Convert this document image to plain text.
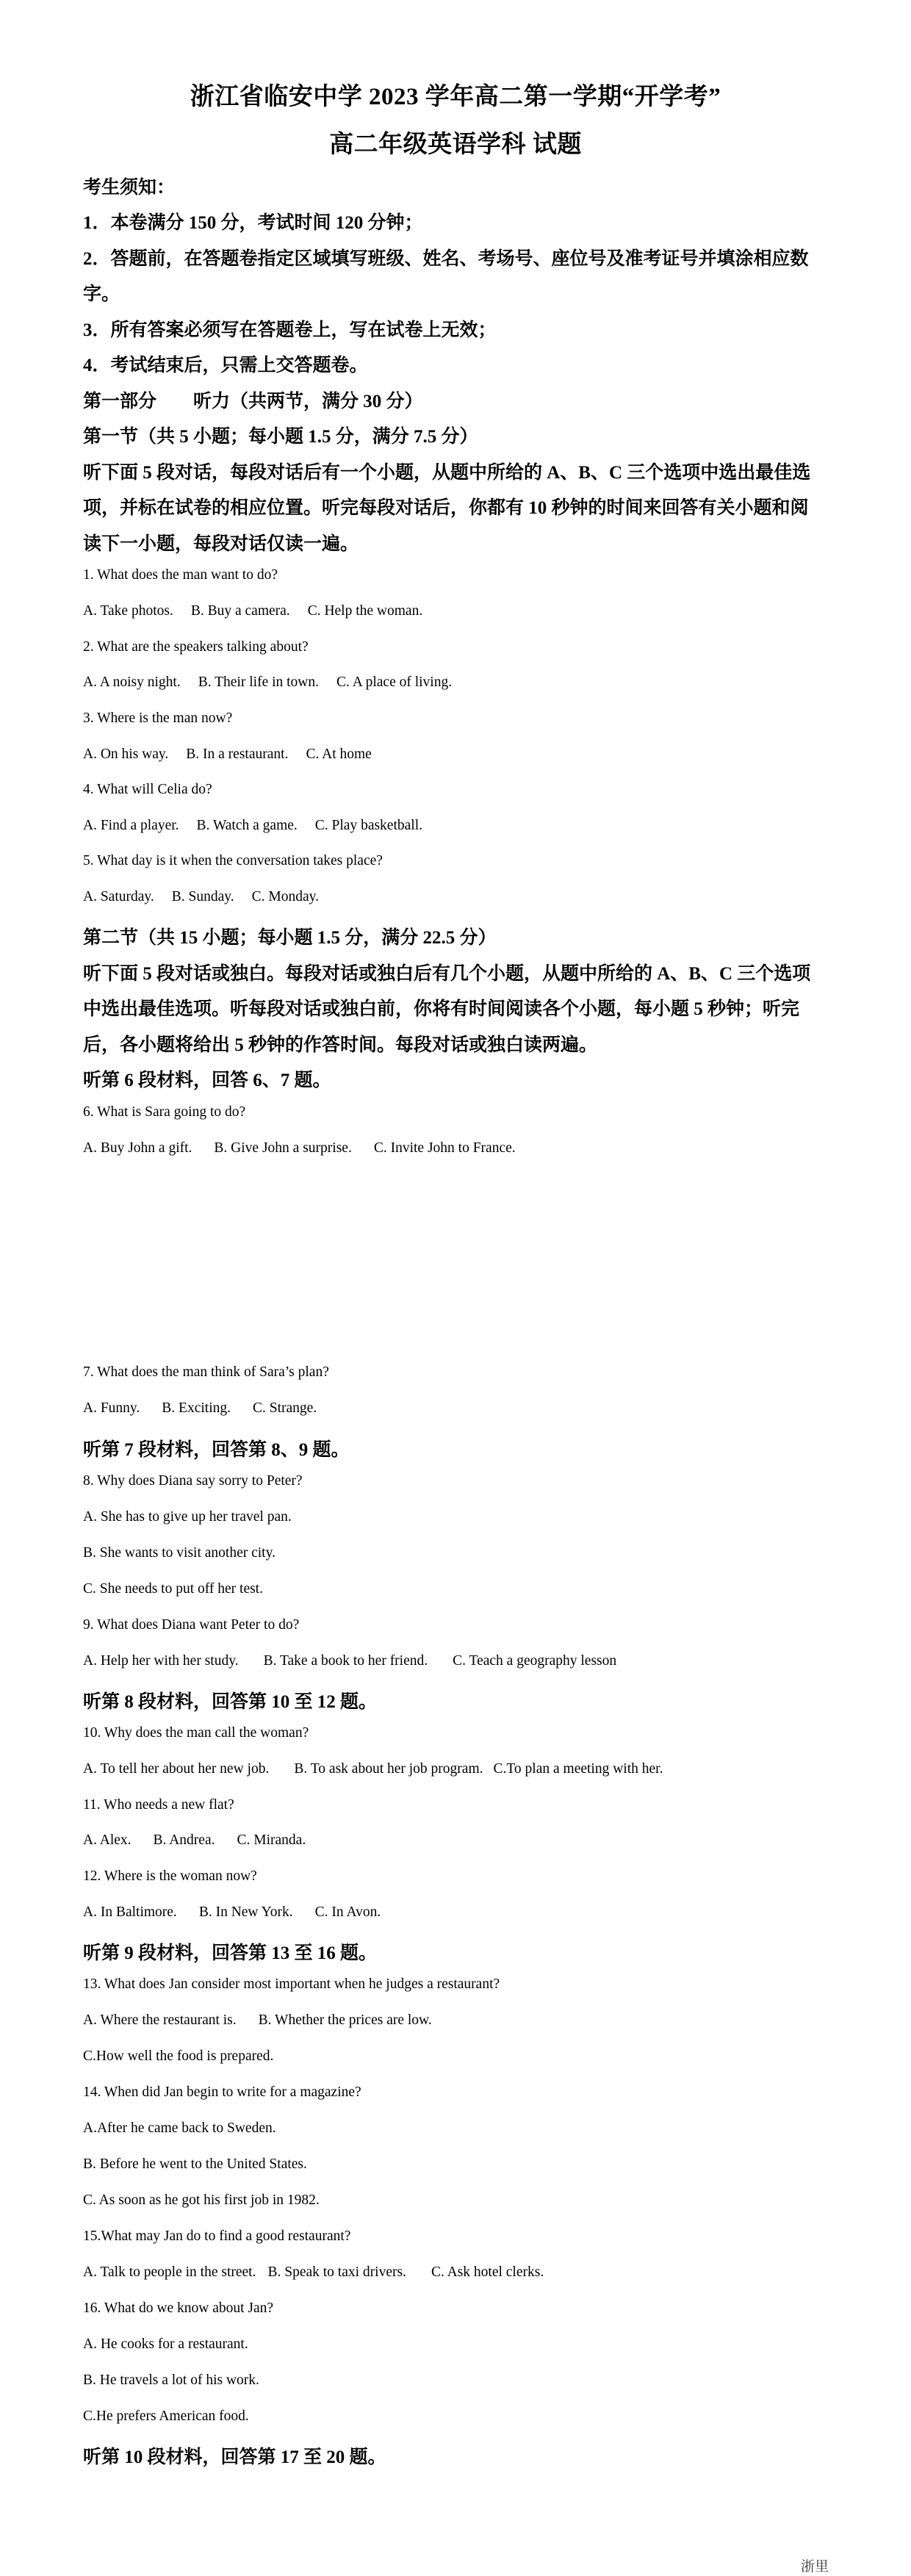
浙江省临安中学 2023 学年高二第一学期“开学考”
高二年级英语学科 试题
考生须知：
1．本卷满分 150 分，考试时间 120 分钟；
2．答题前，在答题卷指定区域填写班级、姓名、考场号、座位号及准考证号并填涂相应数
字。
3．所有答案必须写在答题卷上，写在试卷上无效；
4．考试结束后，只需上交答题卷。
第一部分        听力（共两节，满分 30 分）
第一节（共 5 小题；每小题 1.5 分，满分 7.5 分）
听下面 5 段对话，每段对话后有一个小题，从题中所给的 A、B、C 三个选项中选出最佳选
项，并标在试卷的相应位置。听完每段对话后，你都有 10 秒钟的时间来回答有关小题和阅
读下一小题，每段对话仅读一遍。
1. What does the man want to do?
A. Take photos. B. Buy a camera. C. Help the woman.
2. What are the speakers talking about?
A. A noisy night. B. Their life in town. C. A place of living.
3. Where is the man now?
A. On his way. B. In a restaurant. C. At home
4. What will Celia do?
A. Find a player. B. Watch a game. C. Play basketball.
5. What day is it when the conversation takes place?
A. Saturday. B. Sunday. C. Monday.
第二节（共 15 小题；每小题 1.5 分，满分 22.5 分）
听下面 5 段对话或独白。每段对话或独白后有几个小题，从题中所给的 A、B、C 三个选项
中选出最佳选项。听每段对话或独白前，你将有时间阅读各个小题，每小题 5 秒钟；听完
后，各小题将给出 5 秒钟的作答时间。每段对话或独白读两遍。
听第 6 段材料，回答 6、7 题。
6. What is Sara going to do?
A. Buy John a gift. B. Give John a surprise. C. Invite John to France.
7. What does the man think of Sara’s plan?
A. Funny. B. Exciting. C. Strange.
听第 7 段材料，回答第 8、9 题。
8. Why does Diana say sorry to Peter?
A. She has to give up her travel pan.
B. She wants to visit another city.
C. She needs to put off her test.
9. What does Diana want Peter to do?
A. Help her with her study. B. Take a book to her friend. C. Teach a geography lesson
听第 8 段材料，回答第 10 至 12 题。
10. Why does the man call the woman?
A. To tell her about her new job. B. To ask about her job program. C.To plan a meeting with her.
11. Who needs a new flat?
A. Alex. B. Andrea. C. Miranda.
12. Where is the woman now?
A. In Baltimore. B. In New York. C. In Avon.
听第 9 段材料，回答第 13 至 16 题。
13. What does Jan consider most important when he judges a restaurant?
A. Where the restaurant is. B. Whether the prices are low.
C.How well the food is prepared.
14. When did Jan begin to write for a magazine?
A.After he came back to Sweden.
B. Before he went to the United States.
C. As soon as he got his first job in 1982.
15.What may Jan do to find a good restaurant?
A. Talk to people in the street. B. Speak to taxi drivers. C. Ask hotel clerks.
16. What do we know about Jan?
A. He cooks for a restaurant.
B. He travels a lot of his work.
C.He prefers American food.
听第 10 段材料，回答第 17 至 20 题。
浙里
